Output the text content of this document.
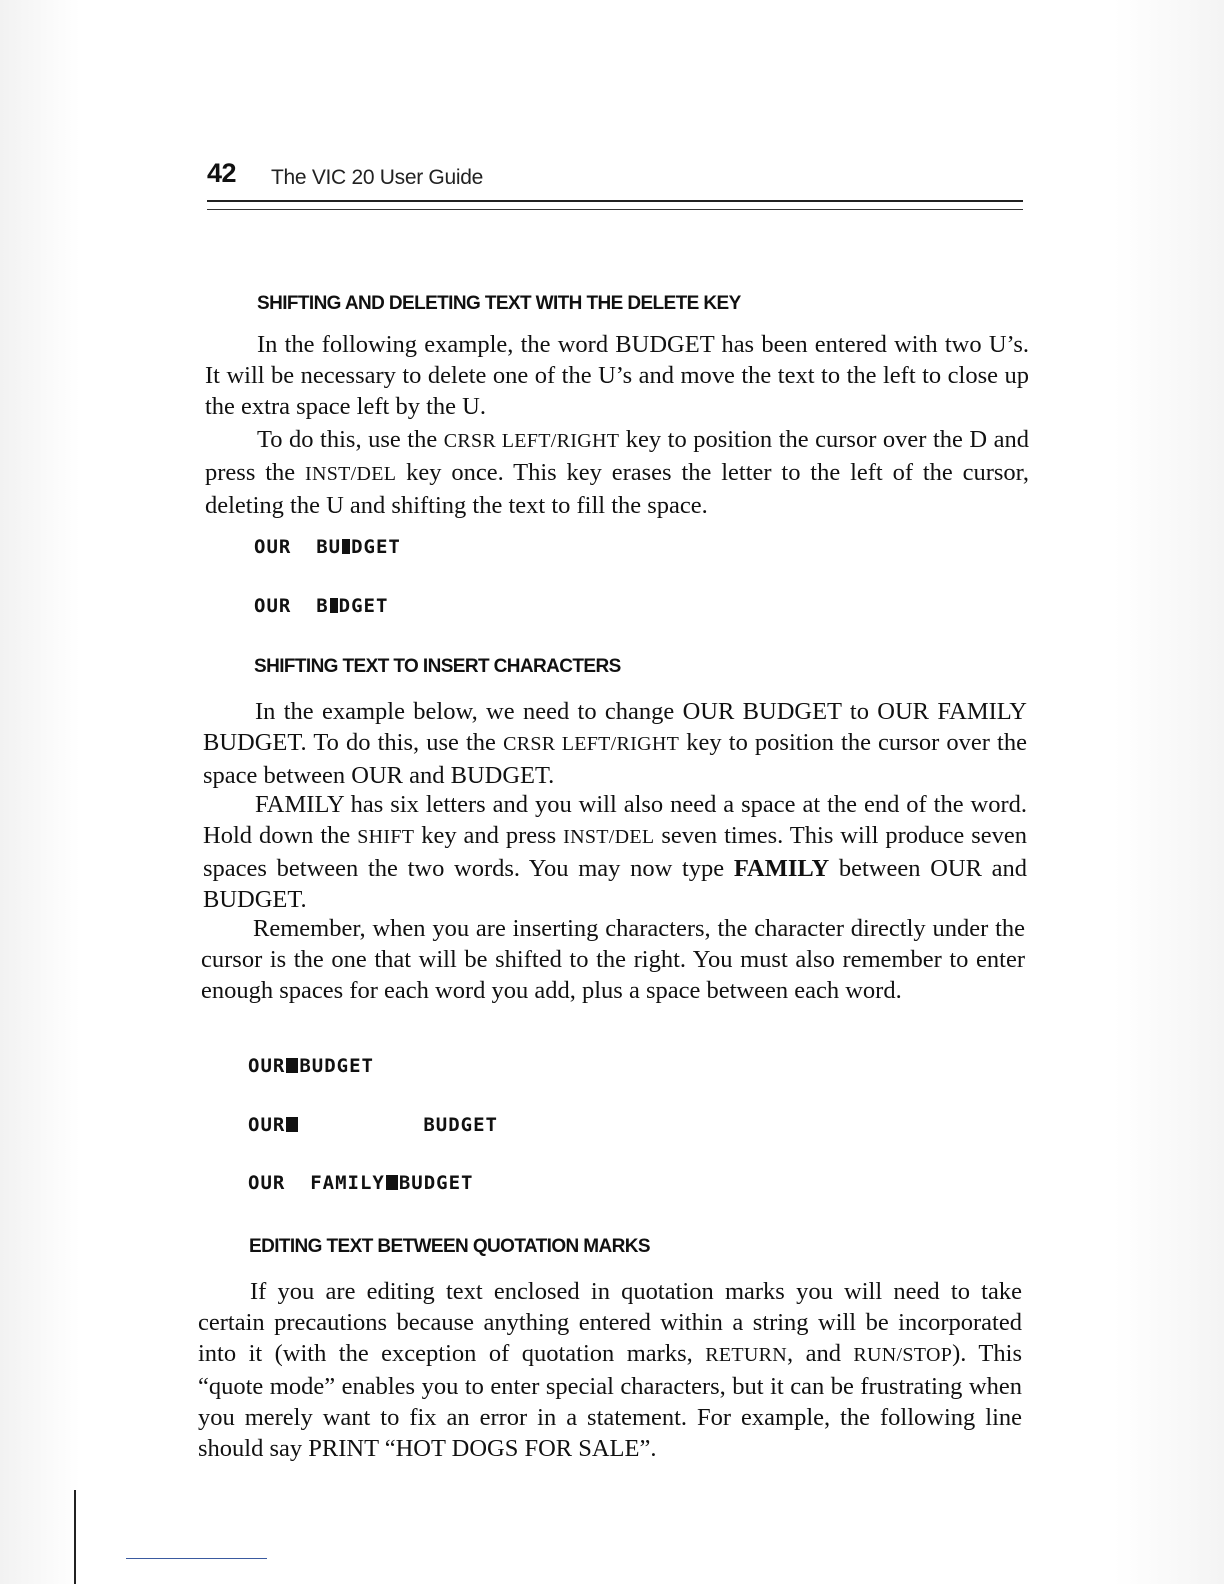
42 The VIC 20 User Guide
SHIFTING AND DELETING TEXT WITH THE DELETE KEY

In the following example, the word BUDGET has been entered with two U’s. It will be necessary to delete one of the U’s and move the text to the left to close up the extra space left by the U.

To do this, use the CRSR LEFT/RIGHT key to position the cursor over the D and press the INST/DEL key once. This key erases the letter to the left of the cursor, deleting the U and shifting the text to fill the space.

OUR  BU DGET
OUR  B DGET
SHIFTING TEXT TO INSERT CHARACTERS

In the example below, we need to change OUR BUDGET to OUR FAMILY BUDGET. To do this, use the CRSR LEFT/RIGHT key to position the cursor over the space between OUR and BUDGET.

FAMILY has six letters and you will also need a space at the end of the word. Hold down the SHIFT key and press INST/DEL seven times. This will produce seven spaces between the two words. You may now type FAMILY between OUR and BUDGET.

Remember, when you are inserting characters, the character directly under the cursor is the one that will be shifted to the right. You must also remember to enter enough spaces for each word you add, plus a space between each word.

OUR BUDGET
OUR	BUDGET
OUR  FAMILY BUDGET
EDITING TEXT BETWEEN QUOTATION MARKS

If you are editing text enclosed in quotation marks you will need to take certain precautions because anything entered within a string will be incorporated into it (with the exception of quotation marks, RETURN, and RUN/STOP). This “quote mode” enables you to enter special characters, but it can be frustrating when you merely want to fix an error in a statement. For example, the following line should say PRINT “HOT DOGS FOR SALE”.
